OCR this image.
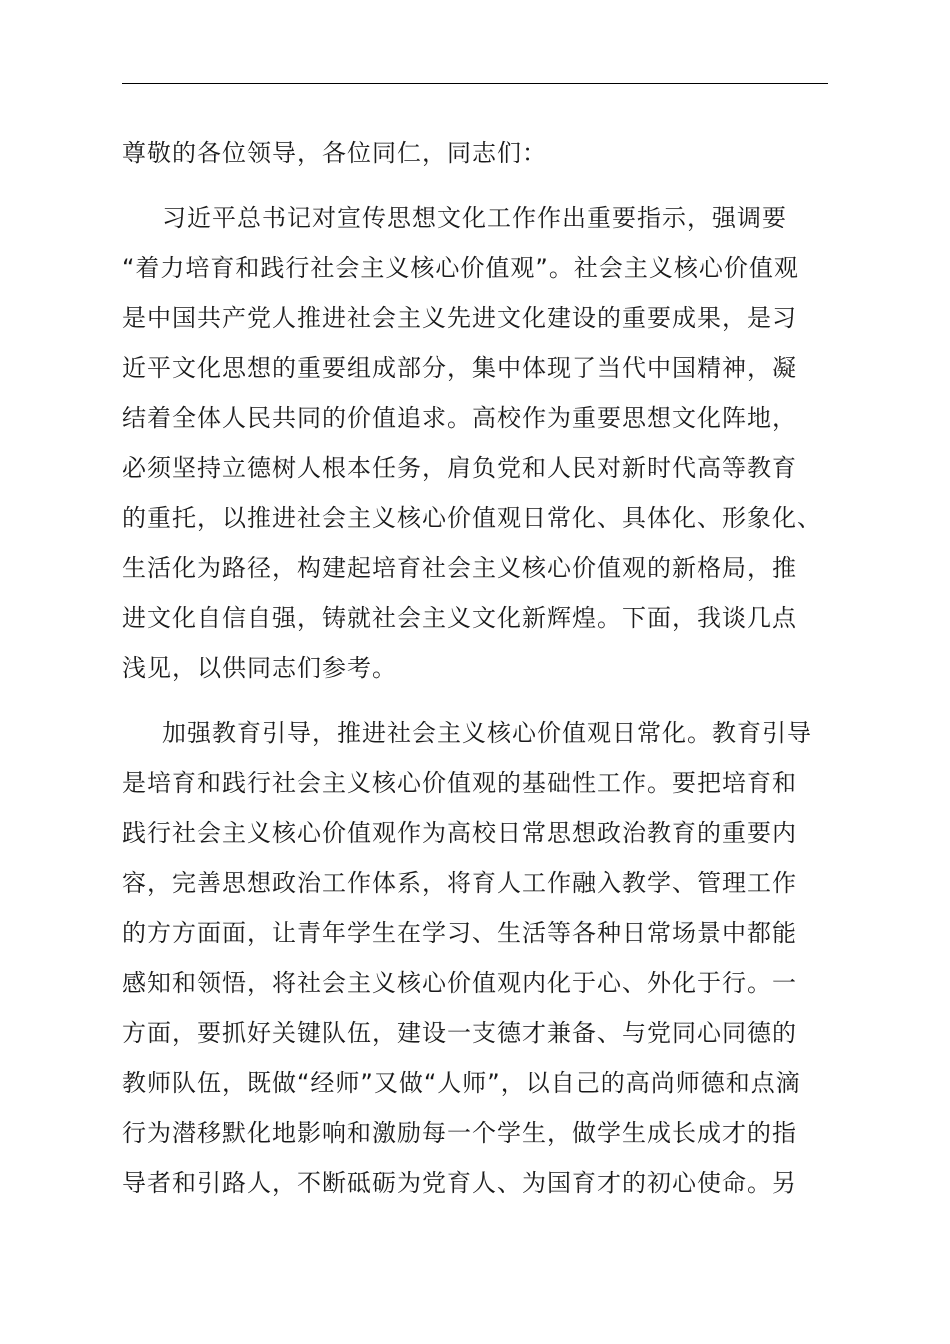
尊敬的各位领导，各位同仁，同志们：
习近平总书记对宣传思想文化工作作出重要指示，强调要
“着力培育和践行社会主义核心价值观”。社会主义核心价值观
是中国共产党人推进社会主义先进文化建设的重要成果，是习
近平文化思想的重要组成部分，集中体现了当代中国精神，凝
结着全体人民共同的价值追求。高校作为重要思想文化阵地，
必须坚持立德树人根本任务，肩负党和人民对新时代高等教育
的重托，以推进社会主义核心价值观日常化、具体化、形象化、
生活化为路径，构建起培育社会主义核心价值观的新格局，推
进文化自信自强，铸就社会主义文化新辉煌。下面，我谈几点
浅见，以供同志们参考。
加强教育引导，推进社会主义核心价值观日常化。教育引导
是培育和践行社会主义核心价值观的基础性工作。要把培育和
践行社会主义核心价值观作为高校日常思想政治教育的重要内
容，完善思想政治工作体系，将育人工作融入教学、管理工作
的方方面面，让青年学生在学习、生活等各种日常场景中都能
感知和领悟，将社会主义核心价值观内化于心、外化于行。一
方面，要抓好关键队伍，建设一支德才兼备、与党同心同德的
教师队伍，既做“经师”又做“人师”，以自己的高尚师德和点滴
行为潜移默化地影响和激励每一个学生，做学生成长成才的指
导者和引路人，不断砥砺为党育人、为国育才的初心使命。另
